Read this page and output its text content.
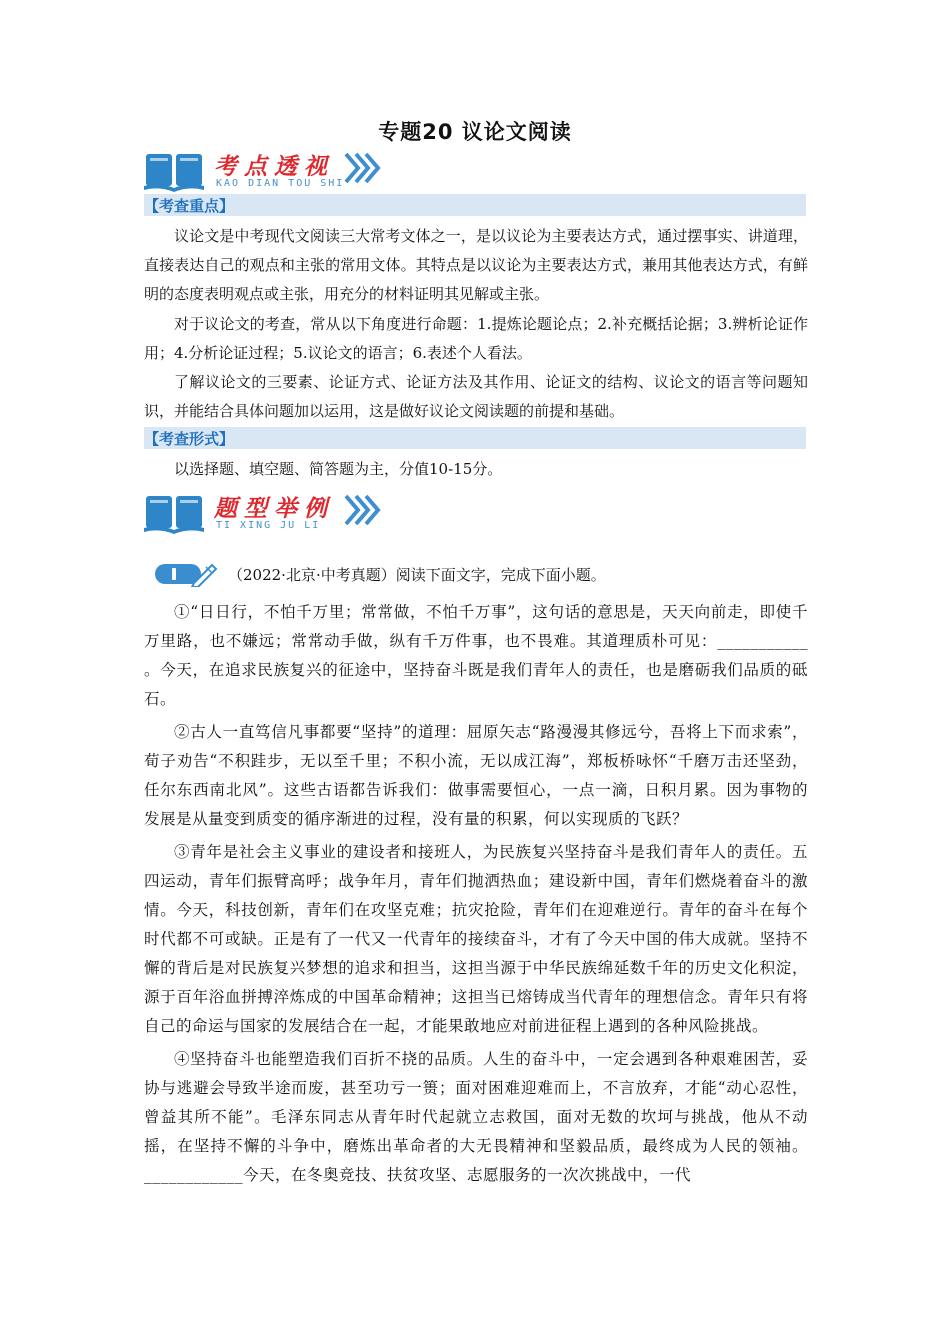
专题20 议论文阅读
考点透视
KAO DIAN TOU SHI
【考查重点】
议论文是中考现代文阅读三大常考文体之一，是以议论为主要表达方式，通过摆事实、讲道理，直接表达自己的观点和主张的常用文体。其特点是以议论为主要表达方式，兼用其他表达方式，有鲜明的态度表明观点或主张，用充分的材料证明其见解或主张。
对于议论文的考查，常从以下角度进行命题：1.提炼论题论点；2.补充概括论据；3.辨析论证作用；4.分析论证过程；5.议论文的语言；6.表述个人看法。
了解议论文的三要素、论证方式、论证方法及其作用、论证文的结构、议论文的语言等问题知识，并能结合具体问题加以运用，这是做好议论文阅读题的前提和基础。
【考查形式】
以选择题、填空题、简答题为主，分值10-15分。
题型举例
TI XING JU LI
（2022·北京·中考真题）阅读下面文字，完成下面小题。

①“日日行，不怕千万里；常常做，不怕千万事”，这句话的意思是，天天向前走，即使千万里路，也不嫌远；常常动手做，纵有千万件事，也不畏难。其道理质朴可见：___________。今天，在追求民族复兴的征途中，坚持奋斗既是我们青年人的责任，也是磨砺我们品质的砥石。

②古人一直笃信凡事都要“坚持”的道理：屈原矢志“路漫漫其修远兮，吾将上下而求索”，荀子劝告“不积跬步，无以至千里；不积小流，无以成江海”，郑板桥咏怀“千磨万击还坚劲，任尔东西南北风”。这些古语都告诉我们：做事需要恒心，一点一滴，日积月累。因为事物的发展是从量变到质变的循序渐进的过程，没有量的积累，何以实现质的飞跃？

③青年是社会主义事业的建设者和接班人，为民族复兴坚持奋斗是我们青年人的责任。五四运动，青年们振臂高呼；战争年月，青年们抛洒热血；建设新中国，青年们燃烧着奋斗的激情。今天，科技创新，青年们在攻坚克难；抗灾抢险，青年们在迎难逆行。青年的奋斗在每个时代都不可或缺。正是有了一代又一代青年的接续奋斗，才有了今天中国的伟大成就。坚持不懈的背后是对民族复兴梦想的追求和担当，这担当源于中华民族绵延数千年的历史文化积淀，源于百年浴血拼搏淬炼成的中国革命精神；这担当已熔铸成当代青年的理想信念。青年只有将自己的命运与国家的发展结合在一起，才能果敢地应对前进征程上遇到的各种风险挑战。

④坚持奋斗也能塑造我们百折不挠的品质。人生的奋斗中，一定会遇到各种艰难困苦，妥协与逃避会导致半途而废，甚至功亏一篑；面对困难迎难而上，不言放弃，才能“动心忍性，曾益其所不能”。毛泽东同志从青年时代起就立志救国，面对无数的坎坷与挑战，他从不动摇，在坚持不懈的斗争中，磨炼出革命者的大无畏精神和坚毅品质，最终成为人民的领袖。____________今天，在冬奥竞技、扶贫攻坚、志愿服务的一次次挑战中，一代
